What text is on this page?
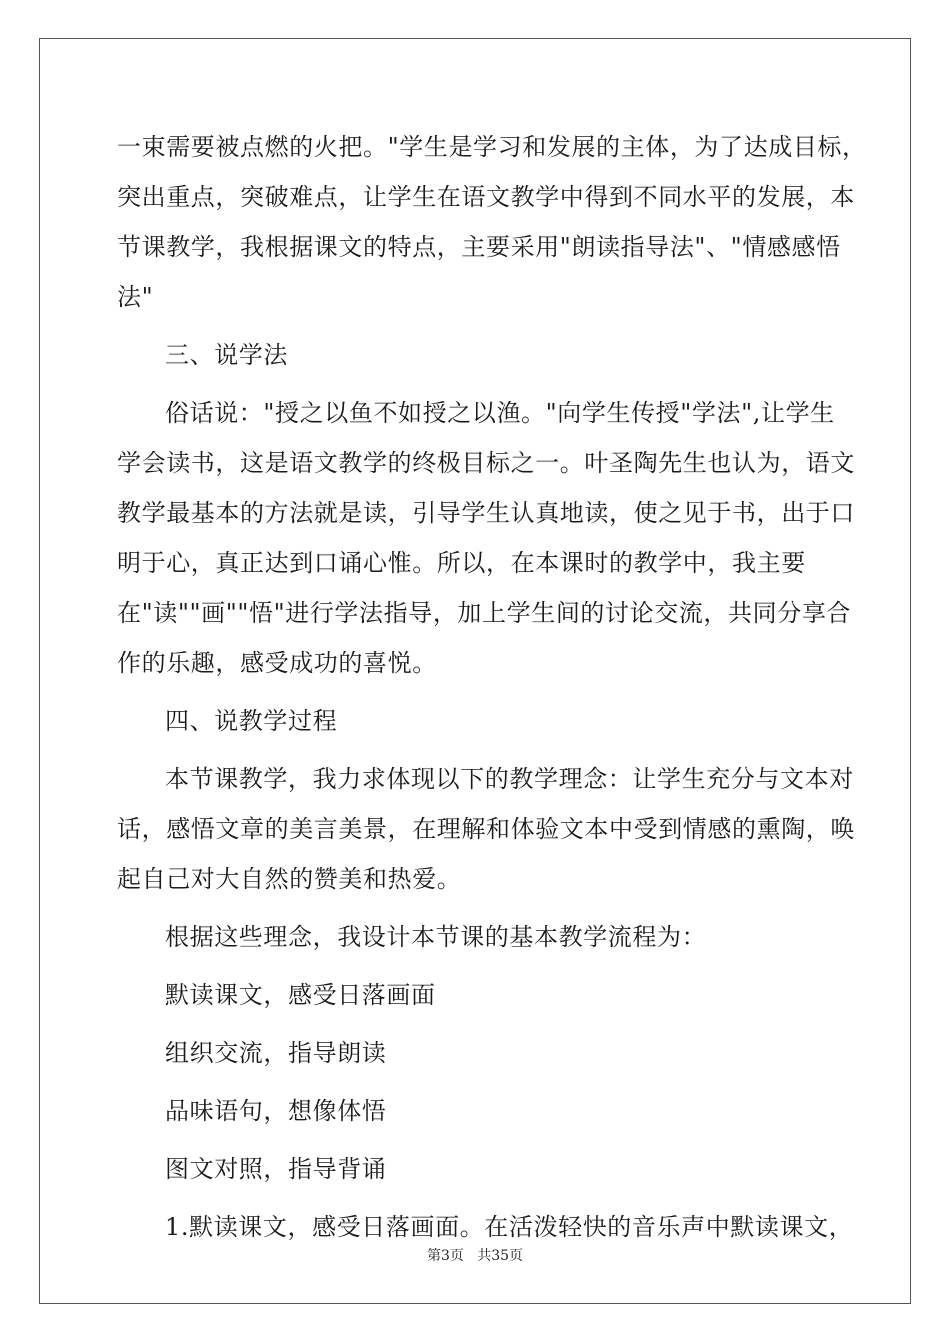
一束需要被点燃的火把。"学生是学习和发展的主体，为了达成目标，
突出重点，突破难点，让学生在语文教学中得到不同水平的发展，本
节课教学，我根据课文的特点，主要采用"朗读指导法"、"情感感悟
法"
三、说学法
俗话说："授之以鱼不如授之以渔。"向学生传授"学法",让学生
学会读书，这是语文教学的终极目标之一。叶圣陶先生也认为，语文
教学最基本的方法就是读，引导学生认真地读，使之见于书，出于口
明于心，真正达到口诵心惟。所以，在本课时的教学中，我主要
在"读""画""悟"进行学法指导，加上学生间的讨论交流，共同分享合
作的乐趣，感受成功的喜悦。
四、说教学过程
本节课教学，我力求体现以下的教学理念：让学生充分与文本对
话，感悟文章的美言美景，在理解和体验文本中受到情感的熏陶，唤
起自己对大自然的赞美和热爱。
根据这些理念，我设计本节课的基本教学流程为：
默读课文，感受日落画面
组织交流，指导朗读
品味语句，想像体悟
图文对照，指导背诵
1.默读课文，感受日落画面。在活泼轻快的音乐声中默读课文，
第3页   共35页
